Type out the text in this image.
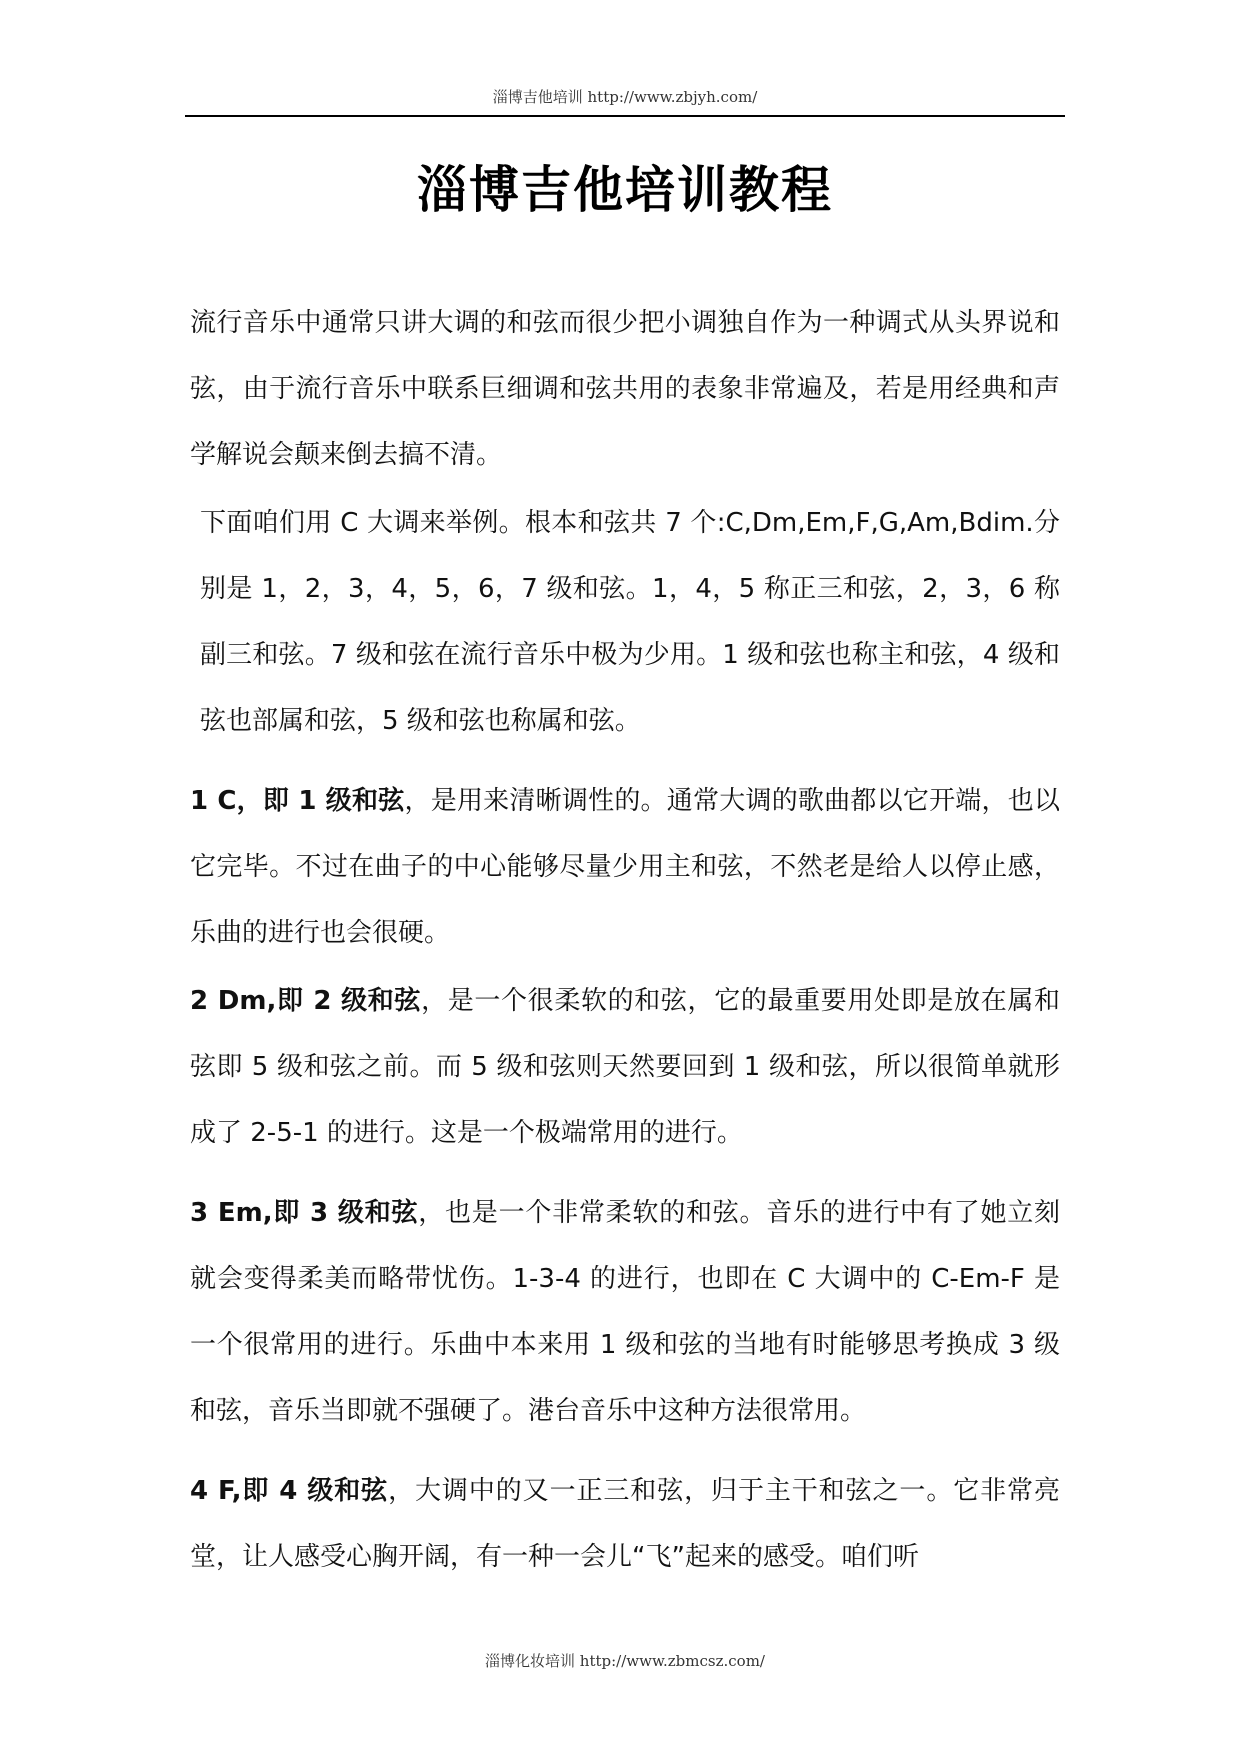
淄博吉他培训 http://www.zbjyh.com/
淄博吉他培训教程

流行音乐中通常只讲大调的和弦而很少把小调独自作为一种调式从头界说和弦，由于流行音乐中联系巨细调和弦共用的表象非常遍及，若是用经典和声学解说会颠来倒去搞不清。

下面咱们用 C 大调来举例。根本和弦共 7 个:C,Dm,Em,F,G,Am,Bdim.分别是 1，2，3，4，5，6，7 级和弦。1，4，5 称正三和弦，2，3，6 称副三和弦。7 级和弦在流行音乐中极为少用。1 级和弦也称主和弦，4 级和弦也部属和弦，5 级和弦也称属和弦。

1 C，即 1 级和弦，是用来清晰调性的。通常大调的歌曲都以它开端，也以它完毕。不过在曲子的中心能够尽量少用主和弦，不然老是给人以停止感，乐曲的进行也会很硬。

2 Dm,即 2 级和弦，是一个很柔软的和弦，它的最重要用处即是放在属和弦即 5 级和弦之前。而 5 级和弦则天然要回到 1 级和弦，所以很简单就形成了 2-5-1 的进行。这是一个极端常用的进行。

3 Em,即 3 级和弦，也是一个非常柔软的和弦。音乐的进行中有了她立刻就会变得柔美而略带忧伤。1-3-4 的进行，也即在 C 大调中的 C-Em-F 是一个很常用的进行。乐曲中本来用 1 级和弦的当地有时能够思考换成 3 级和弦，音乐当即就不强硬了。港台音乐中这种方法很常用。

4 F,即 4 级和弦，大调中的又一正三和弦，归于主干和弦之一。它非常亮堂，让人感受心胸开阔，有一种一会儿“飞”起来的感受。咱们听

淄博化妆培训 http://www.zbmcsz.com/
